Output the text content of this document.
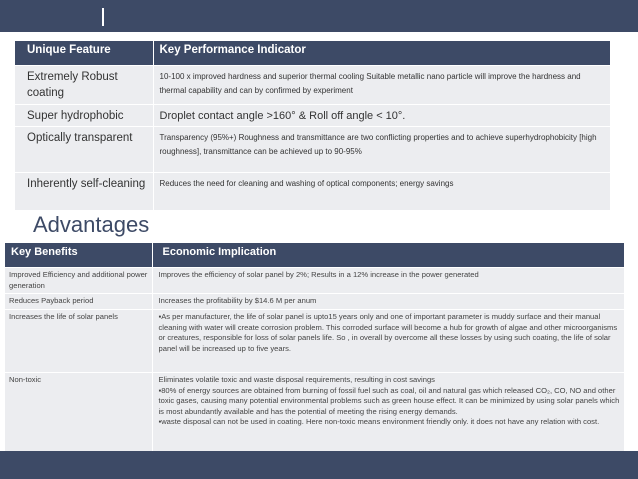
Unique Feature	Key Performance Indicator
Extremely Robust coating	10-100 x improved hardness and superior thermal cooling Suitable metallic nano particle will improve the hardness and thermal capability and can by confirmed by experiment
Super hydrophobic	Droplet contact angle >160° & Roll off angle < 10°.
Optically transparent	Transparency (95%+) Roughness and transmittance are two conflicting properties and to achieve superhydrophobicity [high roughness], transmittance can be achieved up to 90-95%
Inherently self-cleaning	Reduces the need for cleaning and washing of optical components; energy savings
Advantages
Key Benefits	Economic Implication
Improved Efficiency and additional power generation	Improves the efficiency of solar panel by 2%; Results in a 12% increase in the power generated

Reduces Payback period	Increases the profitability by $14.6 M per anum

Increases the life of solar panels	▪As per manufacturer, the life of solar panel is upto15 years only and one of important parameter is muddy surface and their manual cleaning with water will create corrosion problem. This corroded surface will become a hub for growth of algae and other microorganisms or creatures, responsible for loss of solar panels life. So , in overall by overcome all these losses by using such coating, the life of solar panel will be increased up to five years.

Non-toxic	Eliminates volatile toxic and waste disposal requirements, resulting in cost savings
▪80% of energy sources are obtained from burning of fossil fuel such as coal, oil and natural gas which released CO₂, CO, NO and other toxic gases, causing many potential environmental problems such as green house effect. It can be minimized by using solar panels which is most abundantly available and has the potential of meeting the rising energy demands.
▪waste disposal can not be used in coating. Here non-toxic means environment friendly only. it does not have any relation with cost.
